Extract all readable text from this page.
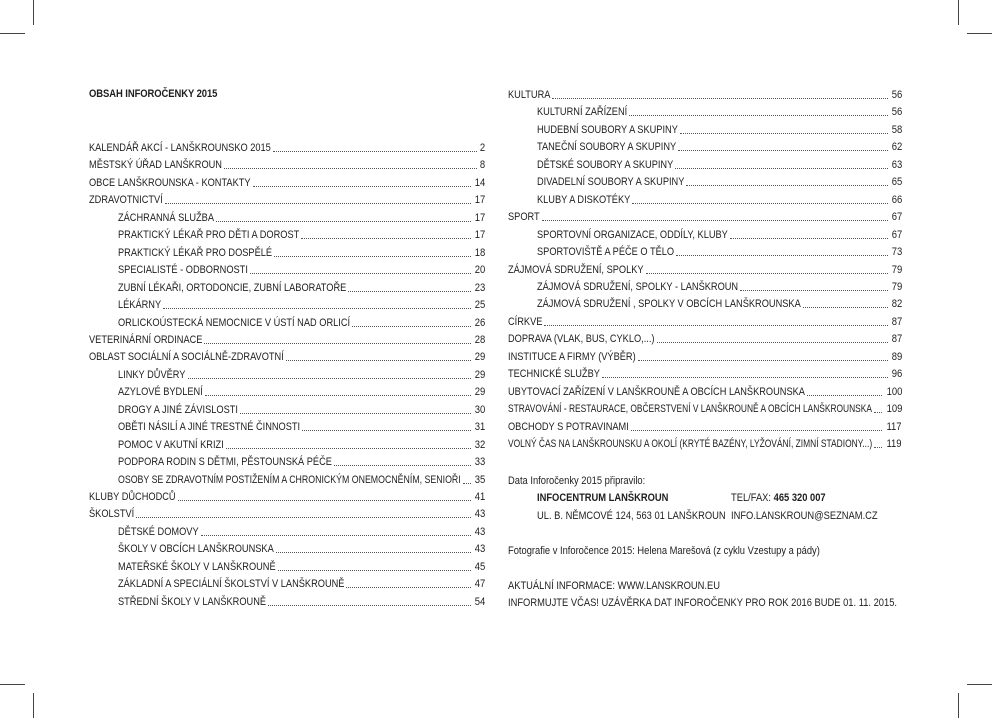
OBSAH INFOROČENKY 2015
KALENDÁŘ AKCÍ - LANŠKROUNSKO 2015	2
MĚSTSKÝ ÚŘAD LANŠKROUN	8
OBCE LANŠKROUNSKA - KONTAKTY	14
ZDRAVOTNICTVÍ	17
ZÁCHRANNÁ SLUŽBA	17
PRAKTICKÝ LÉKAŘ PRO DĚTI A DOROST	17
PRAKTICKÝ LÉKAŘ PRO DOSPĚLÉ	18
SPECIALISTÉ - ODBORNOSTI	20
ZUBNÍ LÉKAŘI, ORTODONCIE, ZUBNÍ LABORATOŘE	23
LÉKÁRNY	25
ORLICKOÚSTECKÁ NEMOCNICE V ÚSTÍ NAD ORLICÍ	26
VETERINÁRNÍ ORDINACE	28
OBLAST SOCIÁLNÍ A SOCIÁLNĚ-ZDRAVOTNÍ	29
LINKY DŮVĚRY	29
AZYLOVÉ BYDLENÍ	29
DROGY A JINÉ ZÁVISLOSTI	30
OBĚTI NÁSILÍ A JINÉ TRESTNÉ ČINNOSTI	31
POMOC V AKUTNÍ KRIZI	32
PODPORA RODIN S DĚTMI, PĚSTOUNSKÁ PÉČE	33
OSOBY SE ZDRAVOTNÍM POSTIŽENÍM A CHRONICKÝM ONEMOCNĚNÍM, SENIOŘI 35
KLUBY DŮCHODCŮ	41
ŠKOLSTVÍ	43
DĚTSKÉ DOMOVY	43
ŠKOLY V OBCÍCH LANŠKROUNSKA	43
MATEŘSKÉ ŠKOLY V LANŠKROUNĚ	45
ZÁKLADNÍ A SPECIÁLNÍ ŠKOLSTVÍ V LANŠKROUNĚ	47
STŘEDNÍ ŠKOLY V LANŠKROUNĚ	54
Data Inforočenky 2015 připravilo:
INFOCENTRUM LANŠKROUN	TEL/FAX: 465 320 007
UL. B. NĚMCOVÉ 124, 563 01 LANŠKROUN INFO.LANSKROUN@SEZNAM.CZ
Fotografie v Inforočence 2015: Helena Marešová (z cyklu Vzestupy a pády)
AKTUÁLNÍ INFORMACE: WWW.LANSKROUN.EU
INFORMUJTE VČAS! UZÁVĚRKA DAT INFOROČENKY PRO ROK 2016 BUDE 01. 11. 2015.
KULTURA	56
KULTURNÍ ZAŘÍZENÍ	56
HUDEBNÍ SOUBORY A SKUPINY	58
TANEČNÍ SOUBORY A SKUPINY	62
DĚTSKÉ SOUBORY A SKUPINY	63
DIVADELNÍ SOUBORY A SKUPINY	65
KLUBY A DISKOTÉKY	66
SPORT	67
SPORTOVNÍ ORGANIZACE, ODDÍLY, KLUBY	67
SPORTOVIŠTĚ A PÉČE O TĚLO	73
ZÁJMOVÁ SDRUŽENÍ, SPOLKY	79
ZÁJMOVÁ SDRUŽENÍ, SPOLKY - LANŠKROUN	79
ZÁJMOVÁ SDRUŽENÍ , SPOLKY V OBCÍCH LANŠKROUNSKA	82
CÍRKVE	87
DOPRAVA (VLAK, BUS, CYKLO,...)	87
INSTITUCE A FIRMY (VÝBĚR)	89
TECHNICKÉ SLUŽBY	96
UBYTOVACÍ ZAŘÍZENÍ V LANŠKROUNĚ A OBCÍCH LANŠKROUNSKA	100
STRAVOVÁNÍ - RESTAURACE, OBČERSTVENÍ V LANŠKROUNĚ A OBCÍCH LANŠKROUNSKA 109
OBCHODY S POTRAVINAMI	117
VOLNÝ ČAS NA LANŠKROUNSKU A OKOLÍ (KRYTÉ BAZÉNY, LYŽOVÁNÍ, ZIMNÍ STADIONY...) 119
